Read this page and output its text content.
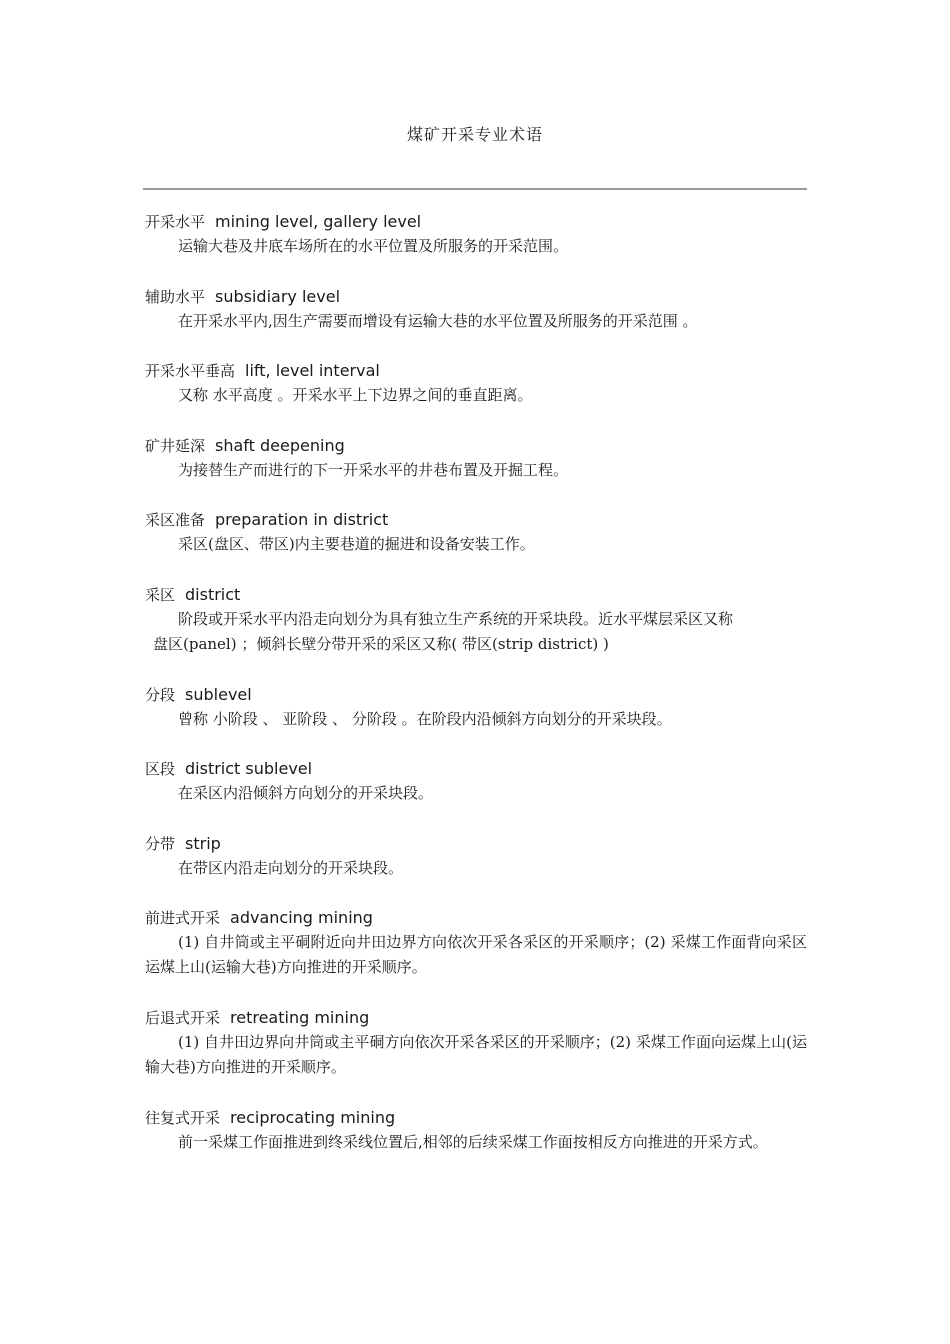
煤矿开采专业术语
开采水平 mining level, gallery level
运输大巷及井底车场所在的水平位置及所服务的开采范围。
辅助水平 subsidiary level
在开采水平内,因生产需要而增设有运输大巷的水平位置及所服务的开采范围 。
开采水平垂高 lift, level interval
又称 水平高度 。开采水平上下边界之间的垂直距离。
矿井延深 shaft deepening
为接替生产而进行的下一开采水平的井巷布置及开掘工程。
采区准备 preparation in district
采区(盘区、带区)内主要巷道的掘进和设备安装工作。
采区 district
阶段或开采水平内沿走向划分为具有独立生产系统的开采块段。近水平煤层采区又称
盘区(panel) ；倾斜长壁分带开采的采区又称( 带区(strip district) )
分段 sublevel
曾称 小阶段 、 亚阶段 、 分阶段 。在阶段内沿倾斜方向划分的开采块段。
区段 district sublevel
在采区内沿倾斜方向划分的开采块段。
分带 strip
在带区内沿走向划分的开采块段。
前进式开采 advancing mining
(1) 自井筒或主平硐附近向井田边界方向依次开采各采区的开采顺序；(2) 采煤工作面背向采区运煤上山(运输大巷)方向推进的开采顺序。
后退式开采 retreating mining
(1) 自井田边界向井筒或主平硐方向依次开采各采区的开采顺序；(2) 采煤工作面向运煤上山(运输大巷)方向推进的开采顺序。
往复式开采 reciprocating mining
前一采煤工作面推进到终采线位置后,相邻的后续采煤工作面按相反方向推进的开采方式。
